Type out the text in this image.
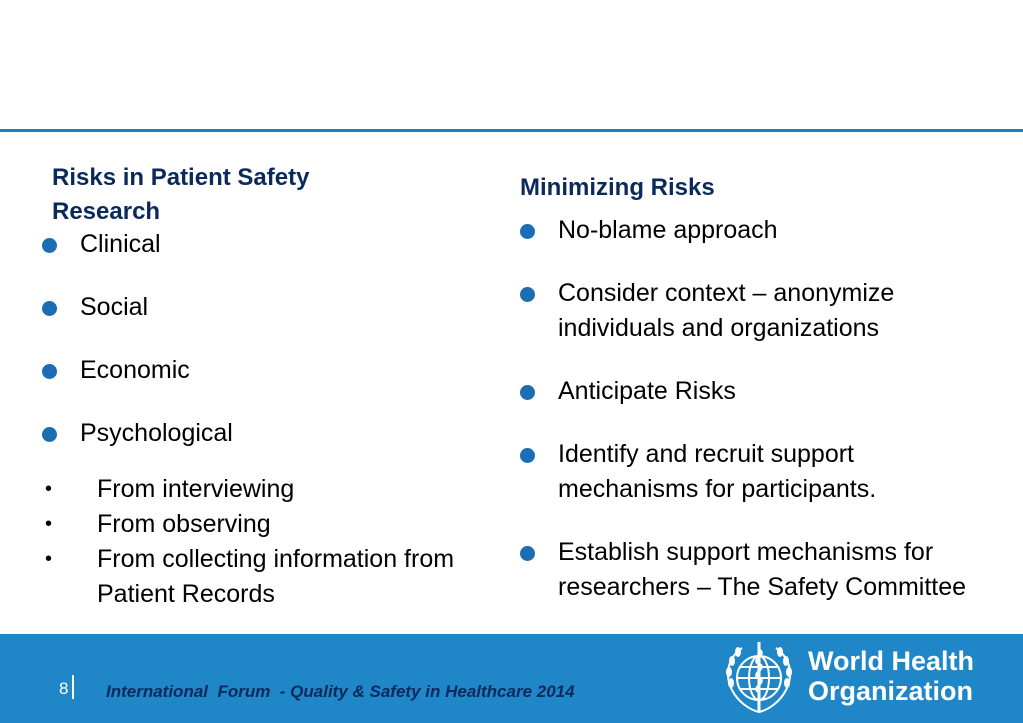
Risks in Patient Safety Research
Clinical
Social
Economic
Psychological
• From interviewing
• From observing
• From collecting information from Patient Records
Minimizing Risks
No-blame approach
Consider context – anonymize individuals and organizations
Anticipate Risks
Identify and recruit support mechanisms for participants.
Establish support mechanisms for researchers – The Safety Committee
8 International  Forum  - Quality & Safety in Healthcare 2014
World Health
Organization
